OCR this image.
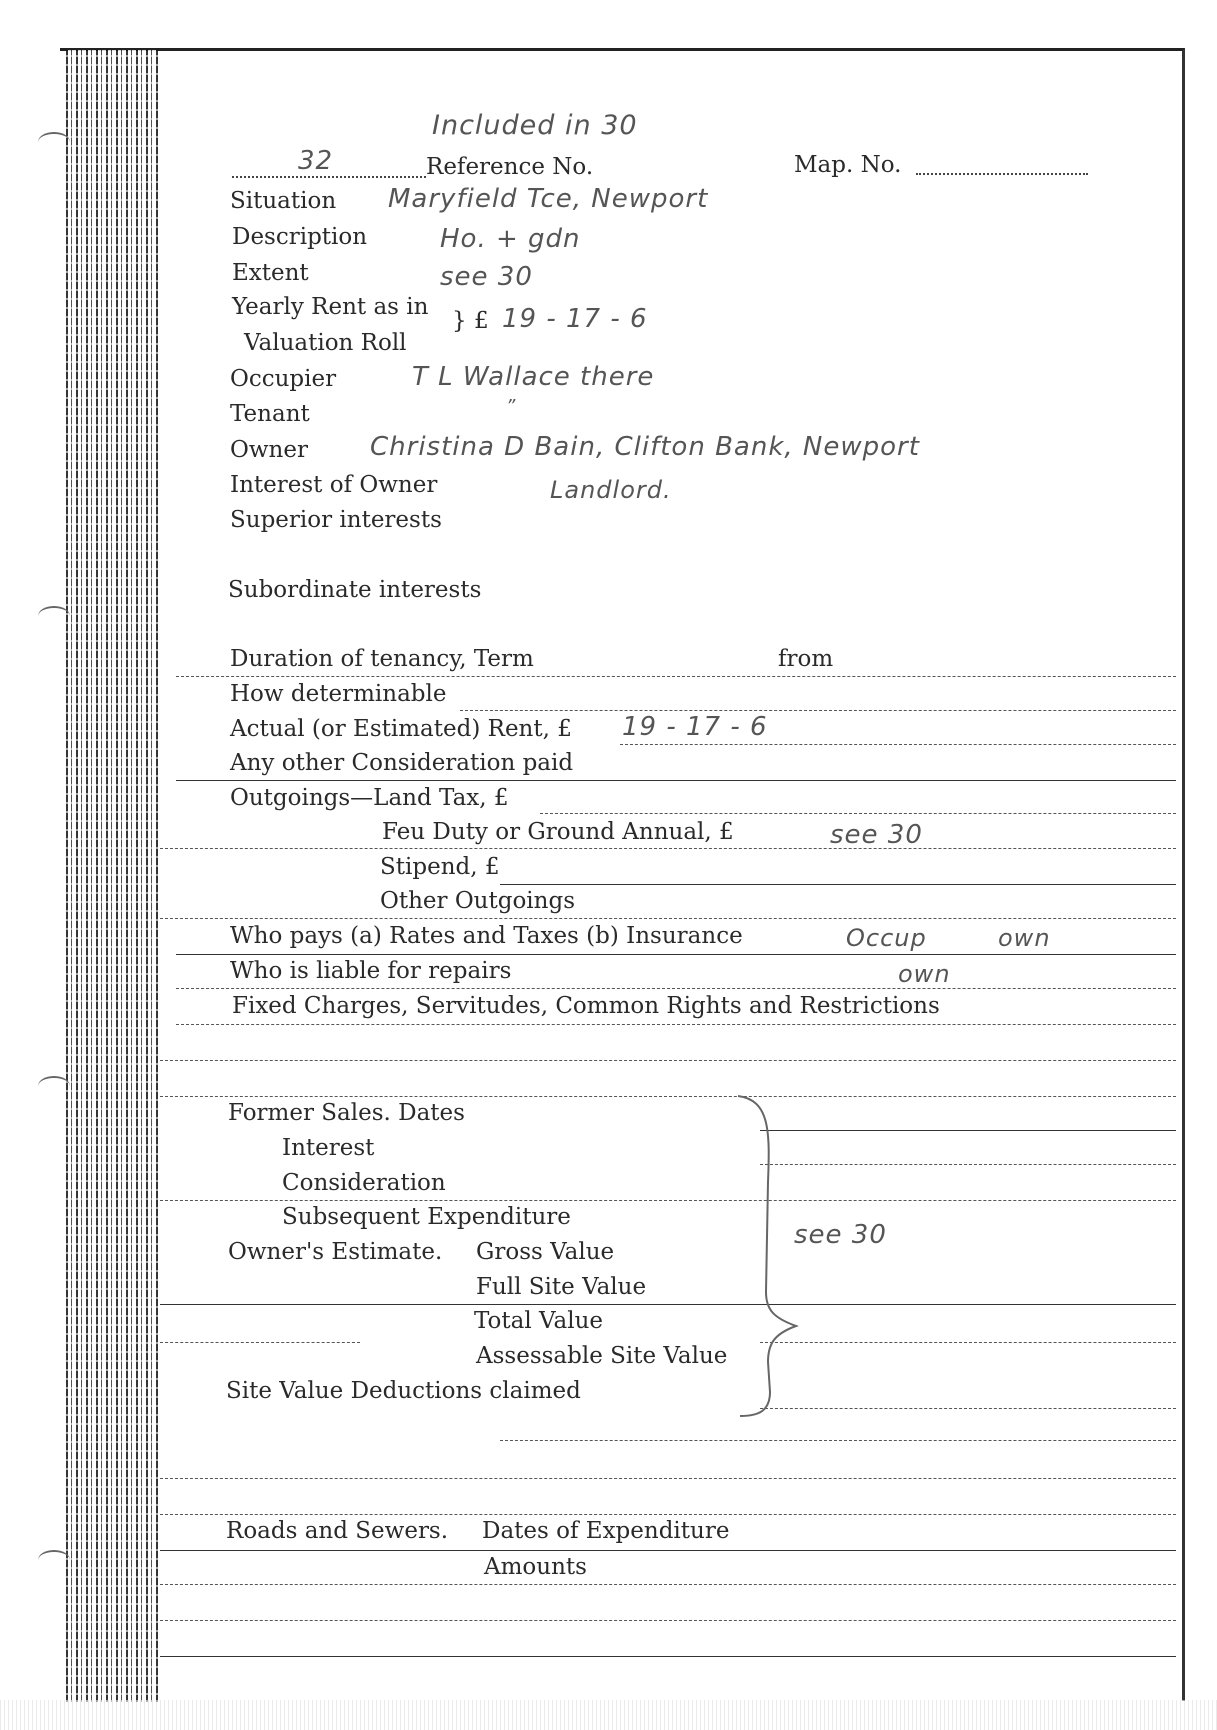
Included in 30
32	Reference No.	Map. No.
Situation Maryfield Tce, Newport
Description	Ho. + gdn
Extent	see 30
Yearly Rent as in
Valuation Roll
} £ 19 - 17 - 6
Occupier	T L Wallace there
Tenant	”
Owner Christina D Bain, Clifton Bank, Newport
Interest of Owner	Landlord.
Superior interests
Subordinate interests
Duration of tenancy, Term	from
How determinable
Actual (or Estimated) Rent, £ 19 - 17 - 6
Any other Consideration paid
Outgoings—Land Tax, £
Feu Duty or Ground Annual, £	see 30
Stipend, £
Other Outgoings
Who pays (a) Rates and Taxes (b) Insurance	Occup	own
Who is liable for repairs	own
Fixed Charges, Servitudes, Common Rights and Restrictions
Former Sales. Dates
Interest
Consideration
Subsequent Expenditure
see 30
Owner's Estimate. Gross Value
Full Site Value
Total Value
Assessable Site Value
Site Value Deductions claimed
Roads and Sewers. Dates of Expenditure
Amounts
